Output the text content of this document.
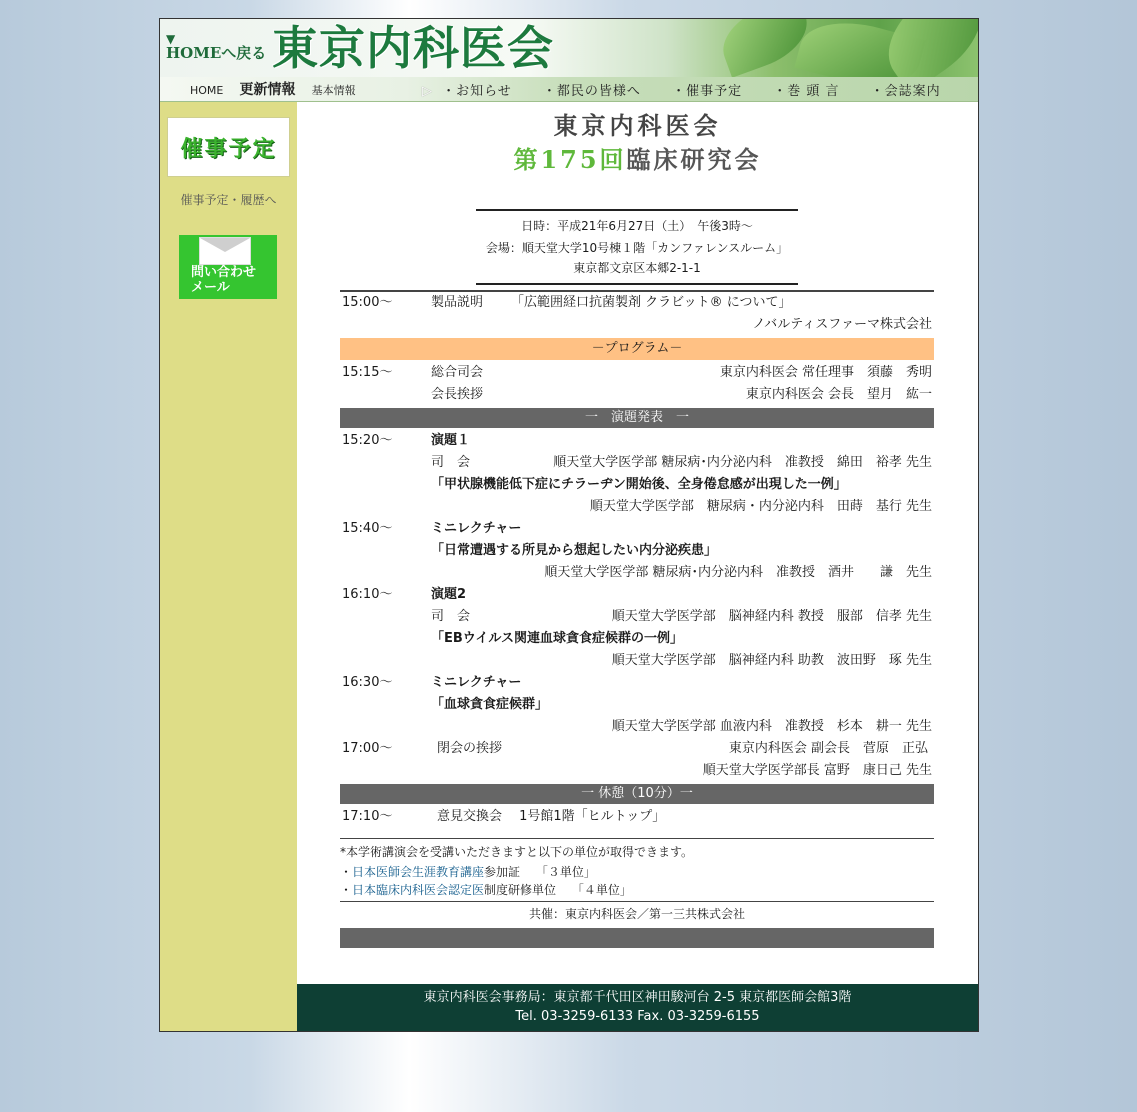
▼
HOMEへ戻る 東京内科医会
HOME 更新情報 基本情報	▷ ・お知らせ ・都民の皆様へ ・催事予定 ・巻 頭 言 ・会誌案内
催事予定
催事予定・履歴へ
問い合わせ
メール
東京内科医会
第175回臨床研究会
日時：平成21年6月27日（土）　午後3時〜
会場：順天堂大学10号棟１階「カンファレンスルーム」
東京都文京区本郷2-1-1
15:00〜	製品説明 「広範囲経口抗菌製剤 クラビット® について」
ノバルティスファーマ株式会社
－プログラム－
15:15〜	総合司会	東京内科医会 常任理事　須藤　秀明
会長挨拶	東京内科医会 会長　望月　紘一
一　演題発表　一
15:20〜	演題１
司　会	順天堂大学医学部 糖尿病･内分泌内科　准教授　綿田　裕孝 先生
「甲状腺機能低下症にチラーヂン開始後、全身倦怠感が出現した一例」
順天堂大学医学部　糖尿病・内分泌内科　田蒔　基行 先生
15:40〜	ミニレクチャー
「日常遭遇する所見から想起したい内分泌疾患」
順天堂大学医学部 糖尿病･内分泌内科　准教授　酒井　　謙　先生
16:10〜	演題2
司　会	順天堂大学医学部　脳神経内科 教授　服部　信孝 先生
「EBウイルス関連血球貪食症候群の一例」
順天堂大学医学部　脳神経内科 助教　波田野　琢 先生
16:30〜	ミニレクチャー
「血球貪食症候群」
順天堂大学医学部 血液内科　准教授　杉本　耕一 先生
17:00〜	閉会の挨拶	東京内科医会 副会長　菅原　正弘
順天堂大学医学部長 富野　康日己 先生
一 休憩（10分）一
17:10〜	意見交換会　 1号館1階「ヒルトップ」
*本学術講演会を受講いただきますと以下の単位が取得できます。
・日本医師会生涯教育講座参加証　 「３単位」
・日本臨床内科医会認定医制度研修単位　 「４単位」
共催：東京内科医会／第一三共株式会社
東京内科医会事務局：東京都千代田区神田駿河台 2-5 東京都医師会館3階
Tel. 03-3259-6133 Fax. 03-3259-6155
